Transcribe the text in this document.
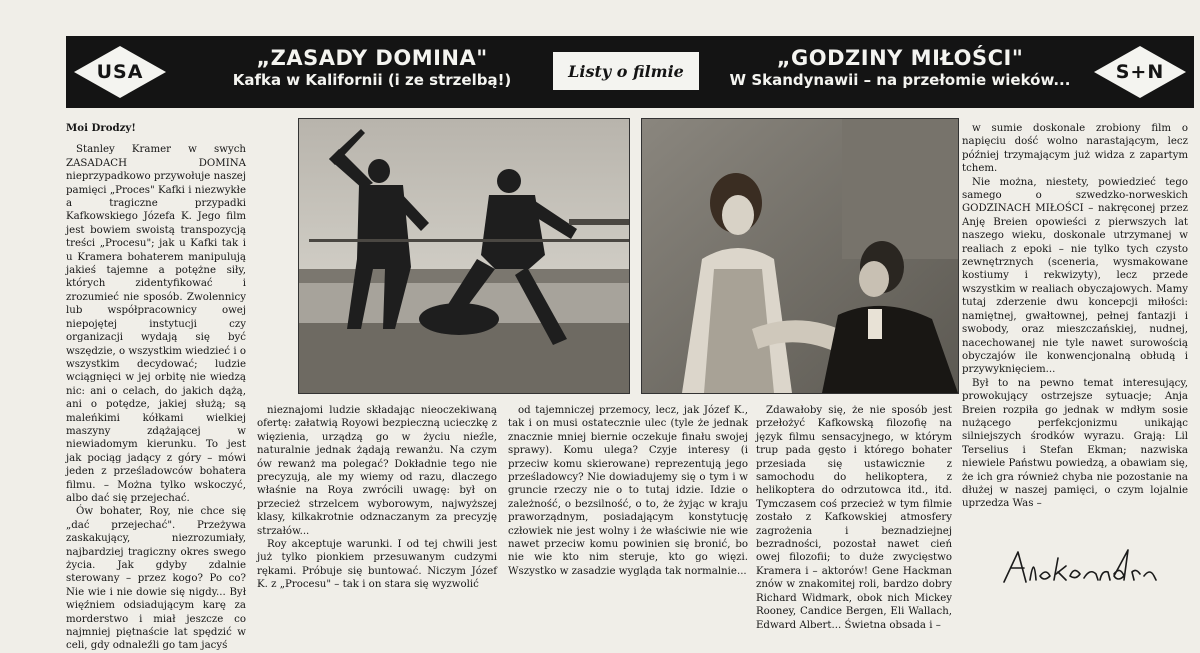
USA
„ZASADY DOMINA"
Kafka w Kalifornii (i ze strzelbą!)	Listy o filmie
„GODZINY MIŁOŚCI"
W Skandynawii – na przełomie wieków...	S+N

Moi Drodzy!

Stanley Kramer w swych ZASADACH DOMINA nieprzypadkowo przywołuje naszej pamięci „Proces" Kafki i niezwykłe a tragiczne przypadki Kafkowskiego Józefa K. Jego film jest bowiem swoistą transpozycją treści „Procesu"; jak u Kafki tak i u Kramera bohaterem manipulują jakieś tajemne a potężne siły, których zidentyfikować i zrozumieć nie sposób. Zwolennicy lub współpracownicy owej niepojętej instytucji czy organizacji wydają się być wszędzie, o wszystkim wiedzieć i o wszystkim decydować; ludzie wciągnięci w jej orbitę nie wiedzą nic: ani o celach, do jakich dążą, ani o potędze, jakiej służą; są maleńkimi kółkami wielkiej maszyny zdążającej w niewiadomym kierunku. To jest jak pociąg jadący z góry – mówi jeden z prześladowców bohatera filmu. – Można tylko wskoczyć, albo dać się przejechać.

Ów bohater, Roy, nie chce się „dać przejechać". Przeżywa zaskakujący, niezrozumiały, najbardziej tragiczny okres swego życia. Jak gdyby zdalnie sterowany – przez kogo? Po co? Nie wie i nie dowie się nigdy... Był więźniem odsiadującym karę za morderstwo i miał jeszcze co najmniej piętnaście lat spędzić w celi, gdy odnaleźli go tam jacyś

nieznajomi ludzie składając nieoczekiwaną ofertę: załatwią Royowi bezpieczną ucieczkę z więzienia, urządzą go w życiu nieźle, naturalnie jednak żądają rewanżu. Na czym ów rewanż ma polegać? Dokładnie tego nie precyzują, ale my wiemy od razu, dlaczego właśnie na Roya zwrócili uwagę: był on przecież strzelcem wyborowym, najwyższej klasy, kilkakrotnie odznaczanym za precyzję strzałów...

Roy akceptuje warunki. I od tej chwili jest już tylko pionkiem przesuwanym cudzymi rękami. Próbuje się buntować. Niczym Józef K. z „Procesu" – tak i on stara się wyzwolić

od tajemniczej przemocy, lecz, jak Józef K., tak i on musi ostatecznie ulec (tyle że jednak znacznie mniej biernie oczekuje finału swojej sprawy). Komu ulega? Czyje interesy (i przeciw komu skierowane) reprezentują jego prześladowcy? Nie dowiadujemy się o tym i w gruncie rzeczy nie o to tutaj idzie. Idzie o zależność, o bezsilność, o to, że żyjąc w kraju praworządnym, posiadającym konstytucję człowiek nie jest wolny i że właściwie nie wie nawet przeciw komu powinien się bronić, bo nie wie kto nim steruje, kto go więzi. Wszystko w zasadzie wygląda tak normalnie...

Zdawałoby się, że nie sposób jest przełożyć Kafkowską filozofię na język filmu sensacyjnego, w którym trup pada gęsto i którego bohater przesiada się ustawicznie z samochodu do helikoptera, z helikoptera do odrzutowca itd., itd. Tymczasem coś przecież w tym filmie zostało z Kafkowskiej atmosfery zagrożenia i beznadziejnej bezradności, pozostał nawet cień owej filozofii; to duże zwycięstwo Kramera i – aktorów! Gene Hackman znów w znakomitej roli, bardzo dobry Richard Widmark, obok nich Mickey Rooney, Candice Bergen, Eli Wallach, Edward Albert... Świetna obsada i –

w sumie doskonale zrobiony film o napięciu dość wolno narastającym, lecz później trzymającym już widza z zapartym tchem.

Nie można, niestety, powiedzieć tego samego o szwedzko-norweskich GODZINACH MIŁOŚCI – nakręconej przez Anję Breien opowieści z pierwszych lat naszego wieku, doskonale utrzymanej w realiach z epoki – nie tylko tych czysto zewnętrznych (sceneria, wysmakowane kostiumy i rekwizyty), lecz przede wszystkim w realiach obyczajowych. Mamy tutaj zderzenie dwu koncepcji miłości: namiętnej, gwałtownej, pełnej fantazji i swobody, oraz mieszczańskiej, nudnej, nacechowanej nie tyle nawet surowością obyczajów ile konwencjonalną obłudą i przywyknięciem...

Był to na pewno temat interesujący, prowokujący ostrzejsze sytuacje; Anja Breien rozpiła go jednak w mdłym sosie nużącego perfekcjonizmu unikając silniejszych środków wyrazu. Grają: Lil Terselius i Stefan Ekman; nazwiska niewiele Państwu powiedzą, a obawiam się, że ich gra również chyba nie pozostanie na dłużej w naszej pamięci, o czym lojalnie uprzedza Was –
